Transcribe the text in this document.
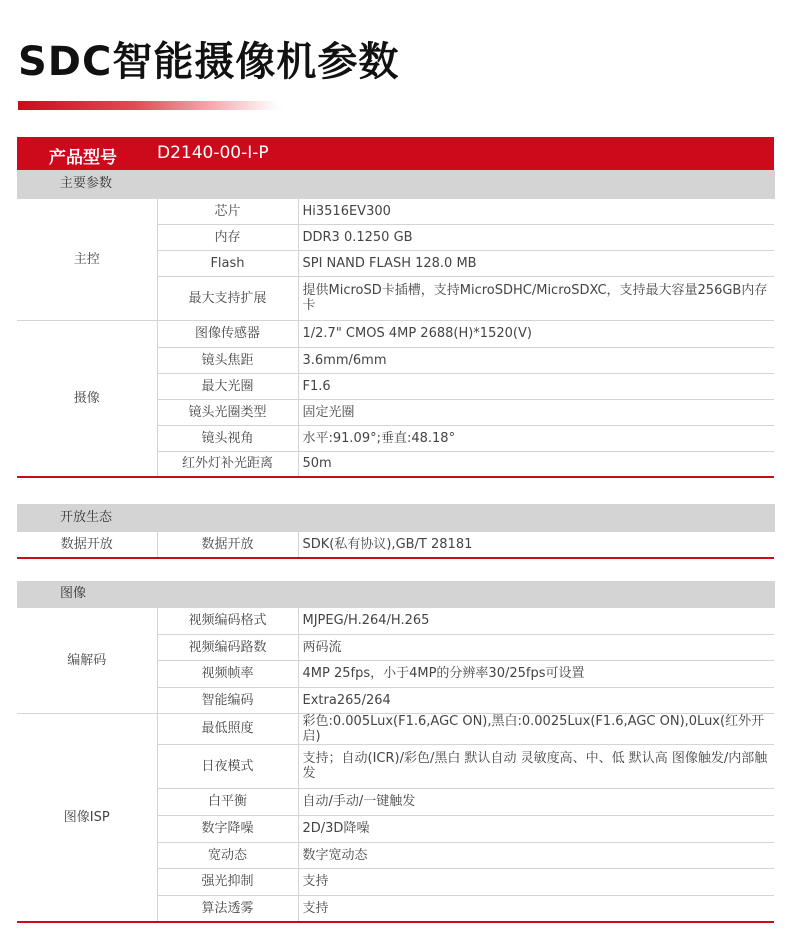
SDC智能摄像机参数
产品型号 D2140-00-I-P
主要参数		
主控	芯片	Hi3516EV300
	内存	DDR3 0.1250 GB
	Flash	SPI NAND FLASH 128.0 MB
	最大支持扩展	提供MicroSD卡插槽，支持MicroSDHC/MicroSDXC，支持最大容量256GB内存卡
摄像	图像传感器	1/2.7" CMOS 4MP 2688(H)*1520(V)
	镜头焦距	3.6mm/6mm
	最大光圈	F1.6
	镜头光圈类型	固定光圈
	镜头视角	水平:91.09°;垂直:48.18°
	红外灯补光距离	50m
开放生态
数据开放	数据开放	SDK(私有协议),GB/T 28181
图像		
编解码	视频编码格式	MJPEG/H.264/H.265
	视频编码路数	两码流
	视频帧率	4MP 25fps，小于4MP的分辨率30/25fps可设置
	智能编码	Extra265/264
图像ISP	最低照度	彩色:0.005Lux(F1.6,AGC ON),黑白:0.0025Lux(F1.6,AGC ON),0Lux(红外开启)
	日夜模式	支持；自动(ICR)/彩色/黑白 默认自动 灵敏度高、中、低 默认高 图像触发/内部触发
	白平衡	自动/手动/一键触发
	数字降噪	2D/3D降噪
	宽动态	数字宽动态
	强光抑制	支持
	算法透雾	支持
